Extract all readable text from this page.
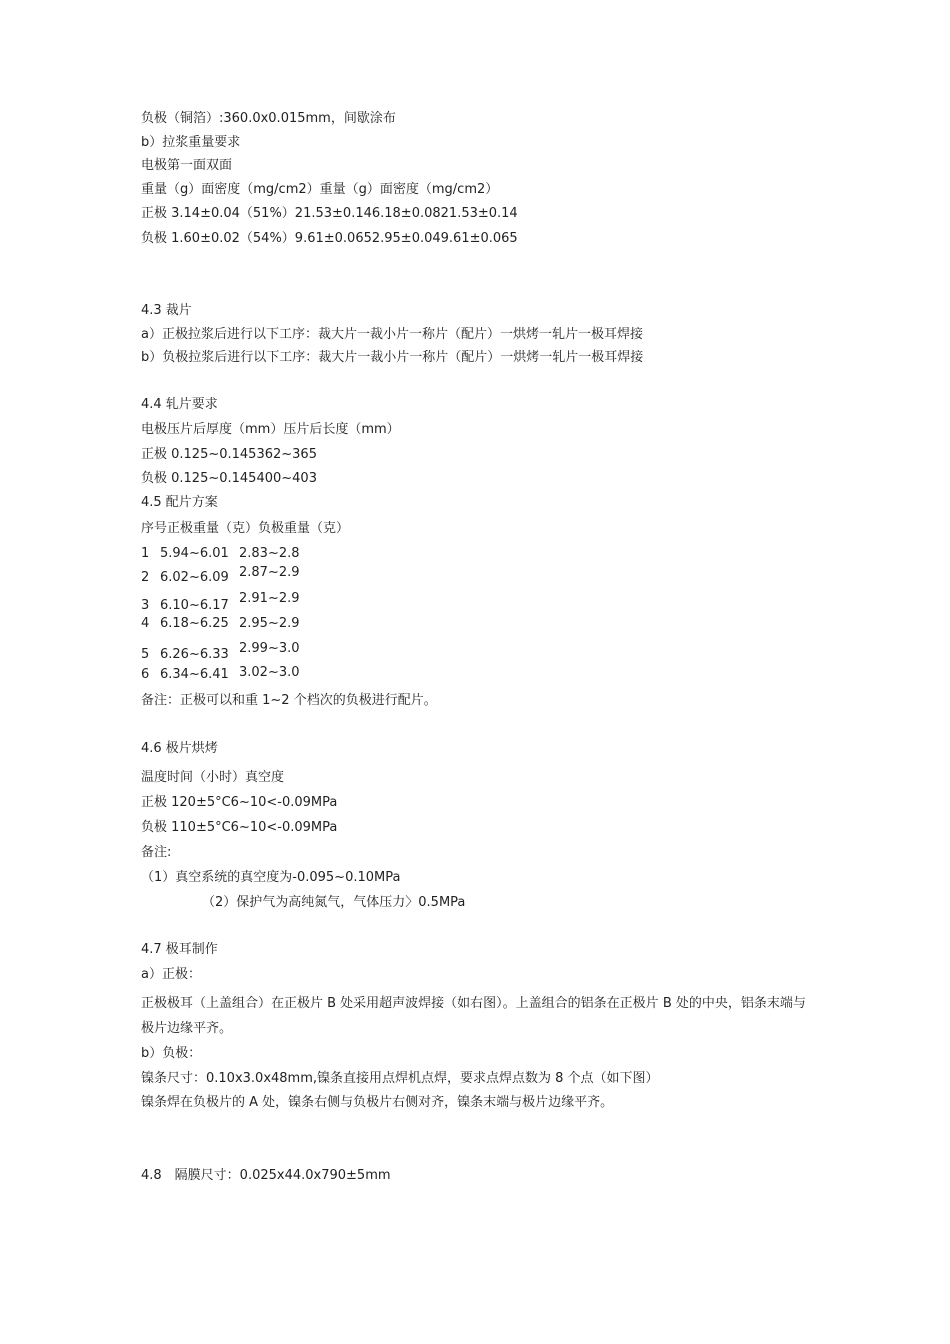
负极（铜箔）:360.0x0.015mm，间歇涂布
b）拉浆重量要求
电极第一面双面
重量（g）面密度（mg/cm2）重量（g）面密度（mg/cm2）
正极 3.14±0.04（51%）21.53±0.146.18±0.0821.53±0.14
负极 1.60±0.02（54%）9.61±0.0652.95±0.049.61±0.065
4.3 裁片
a）正极拉浆后进行以下工序：裁大片一裁小片一称片（配片）一烘烤一轧片一极耳焊接
b）负极拉浆后进行以下工序：裁大片一裁小片一称片（配片）一烘烤一轧片一极耳焊接
4.4 轧片要求
电极压片后厚度（mm）压片后长度（mm）
正极 0.125~0.145362~365
负极 0.125~0.145400~403
4.5 配片方案
序号正极重量（克）负极重量（克）
1 5.94~6.01 2.83~2.8
2 6.02~6.09 2.87~2.9
3 6.10~6.17 2.91~2.9
4 6.18~6.25 2.95~2.9
5 6.26~6.33 2.99~3.0
6 6.34~6.41 3.02~3.0
备注：正极可以和重 1~2 个档次的负极进行配片。
4.6 极片烘烤
温度时间（小时）真空度
正极 120±5°C6~10<-0.09MPa
负极 110±5°C6~10<-0.09MPa
备注:
（1）真空系统的真空度为-0.095~0.10MPa
（2）保护气为高纯氮气，气体压力〉0.5MPa
4.7 极耳制作
a）正极：
正极极耳（上盖组合）在正极片 B 处采用超声波焊接（如右图）。上盖组合的铝条在正极片 B 处的中央，铝条末端与极片边缘平齐。
b）负极：
镍条尺寸：0.10x3.0x48mm,镍条直接用点焊机点焊，要求点焊点数为 8 个点（如下图）
镍条焊在负极片的 A 处，镍条右侧与负极片右侧对齐，镍条末端与极片边缘平齐。
4.8　隔膜尺寸：0.025x44.0x790±5mm
